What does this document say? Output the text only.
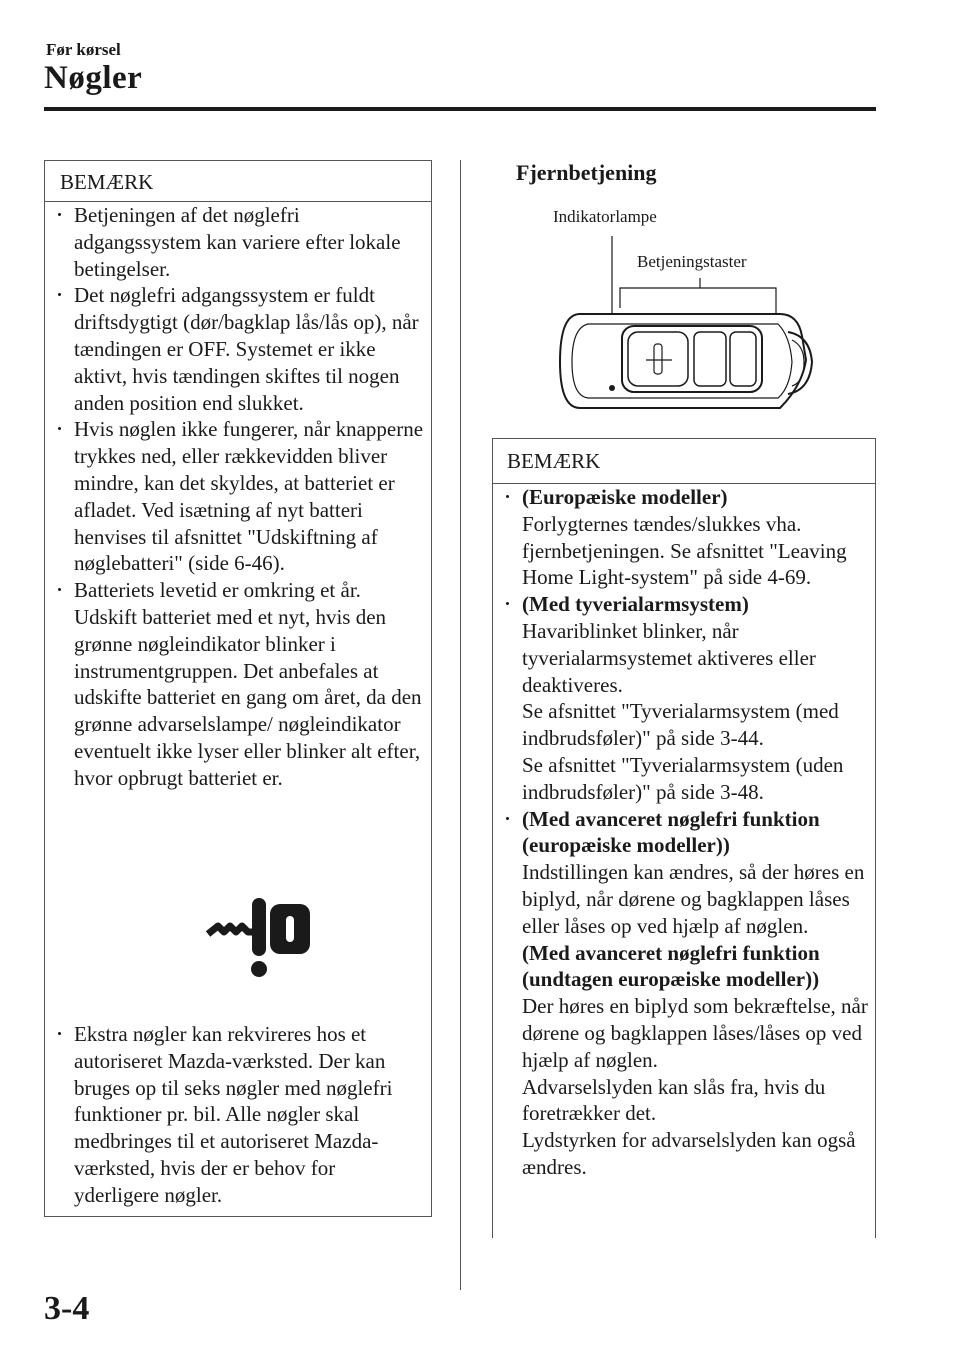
Før kørsel
Nøgler
BEMÆRK
Betjeningen af det nøglefri adgangssystem kan variere efter lokale betingelser.
Det nøglefri adgangssystem er fuldt driftsdygtigt (dør/bagklap lås/lås op), når tændingen er OFF. Systemet er ikke aktivt, hvis tændingen skiftes til nogen anden position end slukket.
Hvis nøglen ikke fungerer, når knapperne trykkes ned, eller rækkevidden bliver mindre, kan det skyldes, at batteriet er afladet. Ved isætning af nyt batteri henvises til afsnittet "Udskiftning af nøglebatteri" (side 6-46).
Batteriets levetid er omkring et år. Udskift batteriet med et nyt, hvis den grønne nøgleindikator blinker i instrumentgruppen. Det anbefales at udskifte batteriet en gang om året, da den grønne advarselslampe/ nøgleindikator eventuelt ikke lyser eller blinker alt efter, hvor opbrugt batteriet er.
Ekstra nøgler kan rekvireres hos et autoriseret Mazda-værksted. Der kan bruges op til seks nøgler med nøglefri funktioner pr. bil. Alle nøgler skal medbringes til et autoriseret Mazda-værksted, hvis der er behov for yderligere nøgler.
Fjernbetjening
Indikatorlampe
Betjeningstaster
BEMÆRK
(Europæiske modeller)
Forlygternes tændes/slukkes vha. fjernbetjeningen. Se afsnittet "Leaving Home Light-system" på side 4-69.
(Med tyverialarmsystem)
Havariblinket blinker, når tyverialarmsystemet aktiveres eller deaktiveres.
Se afsnittet "Tyverialarmsystem (med indbrudsføler)" på side 3-44.
Se afsnittet "Tyverialarmsystem (uden indbrudsføler)" på side 3-48.
(Med avanceret nøglefri funktion (europæiske modeller))
Indstillingen kan ændres, så der høres en biplyd, når dørene og bagklappen låses eller låses op ved hjælp af nøglen.
(Med avanceret nøglefri funktion (undtagen europæiske modeller))
Der høres en biplyd som bekræftelse, når dørene og bagklappen låses/låses op ved hjælp af nøglen.
Advarselslyden kan slås fra, hvis du foretrækker det.
Lydstyrken for advarselslyden kan også ændres.
3-4
